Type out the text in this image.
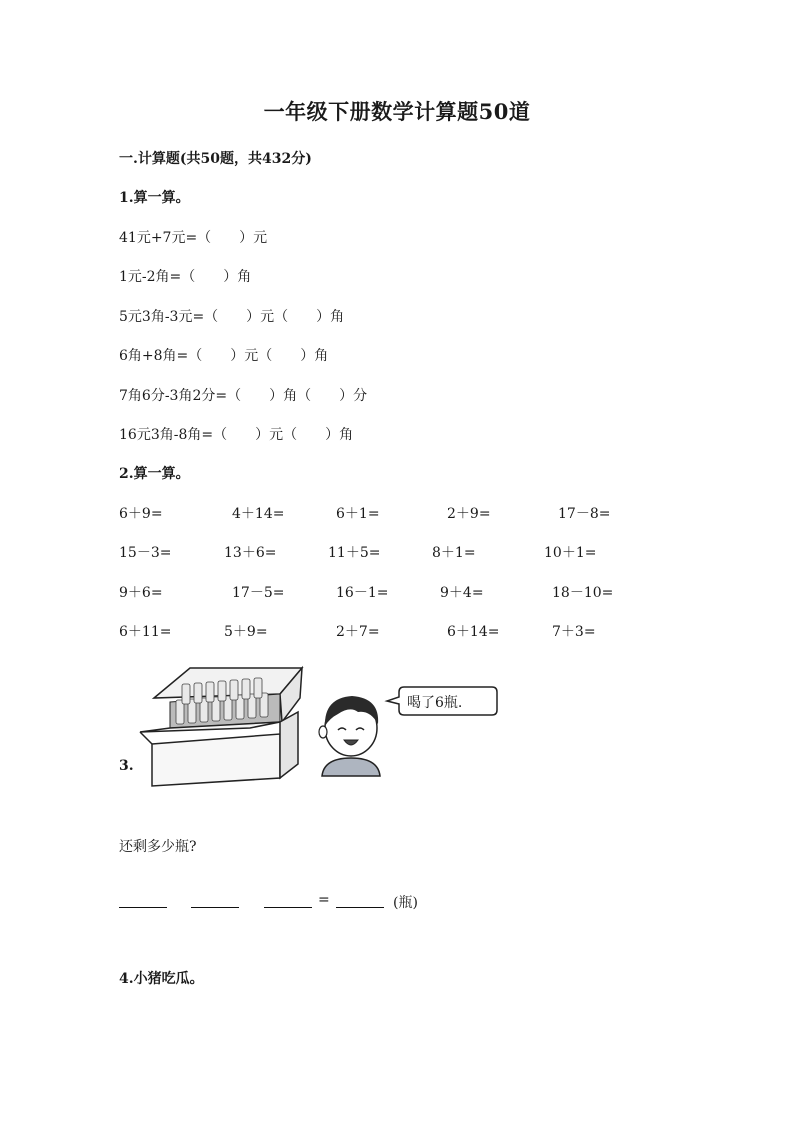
一年级下册数学计算题50道
一.计算题(共50题，共432分)
1.算一算。
41元+7元=（　　）元
1元-2角=（　　）角
5元3角-3元=（　　）元（　　）角
6角+8角=（　　）元（　　）角
7角6分-3角2分=（　　）角（　　）分
16元3角-8角=（　　）元（　　）角
2.算一算。
6＋9=	4＋14=	6＋1=	2＋9=	17－8=
15－3=	13＋6=	11＋5=	8＋1=	10＋1=
9＋6=	17－5=	16－1=	9＋4=	18－10=
6＋11=	5＋9=	2＋7=	6＋14=	7＋3=
3.
喝了6瓶.
还剩多少瓶?
=	(瓶)
4.小猪吃瓜。
